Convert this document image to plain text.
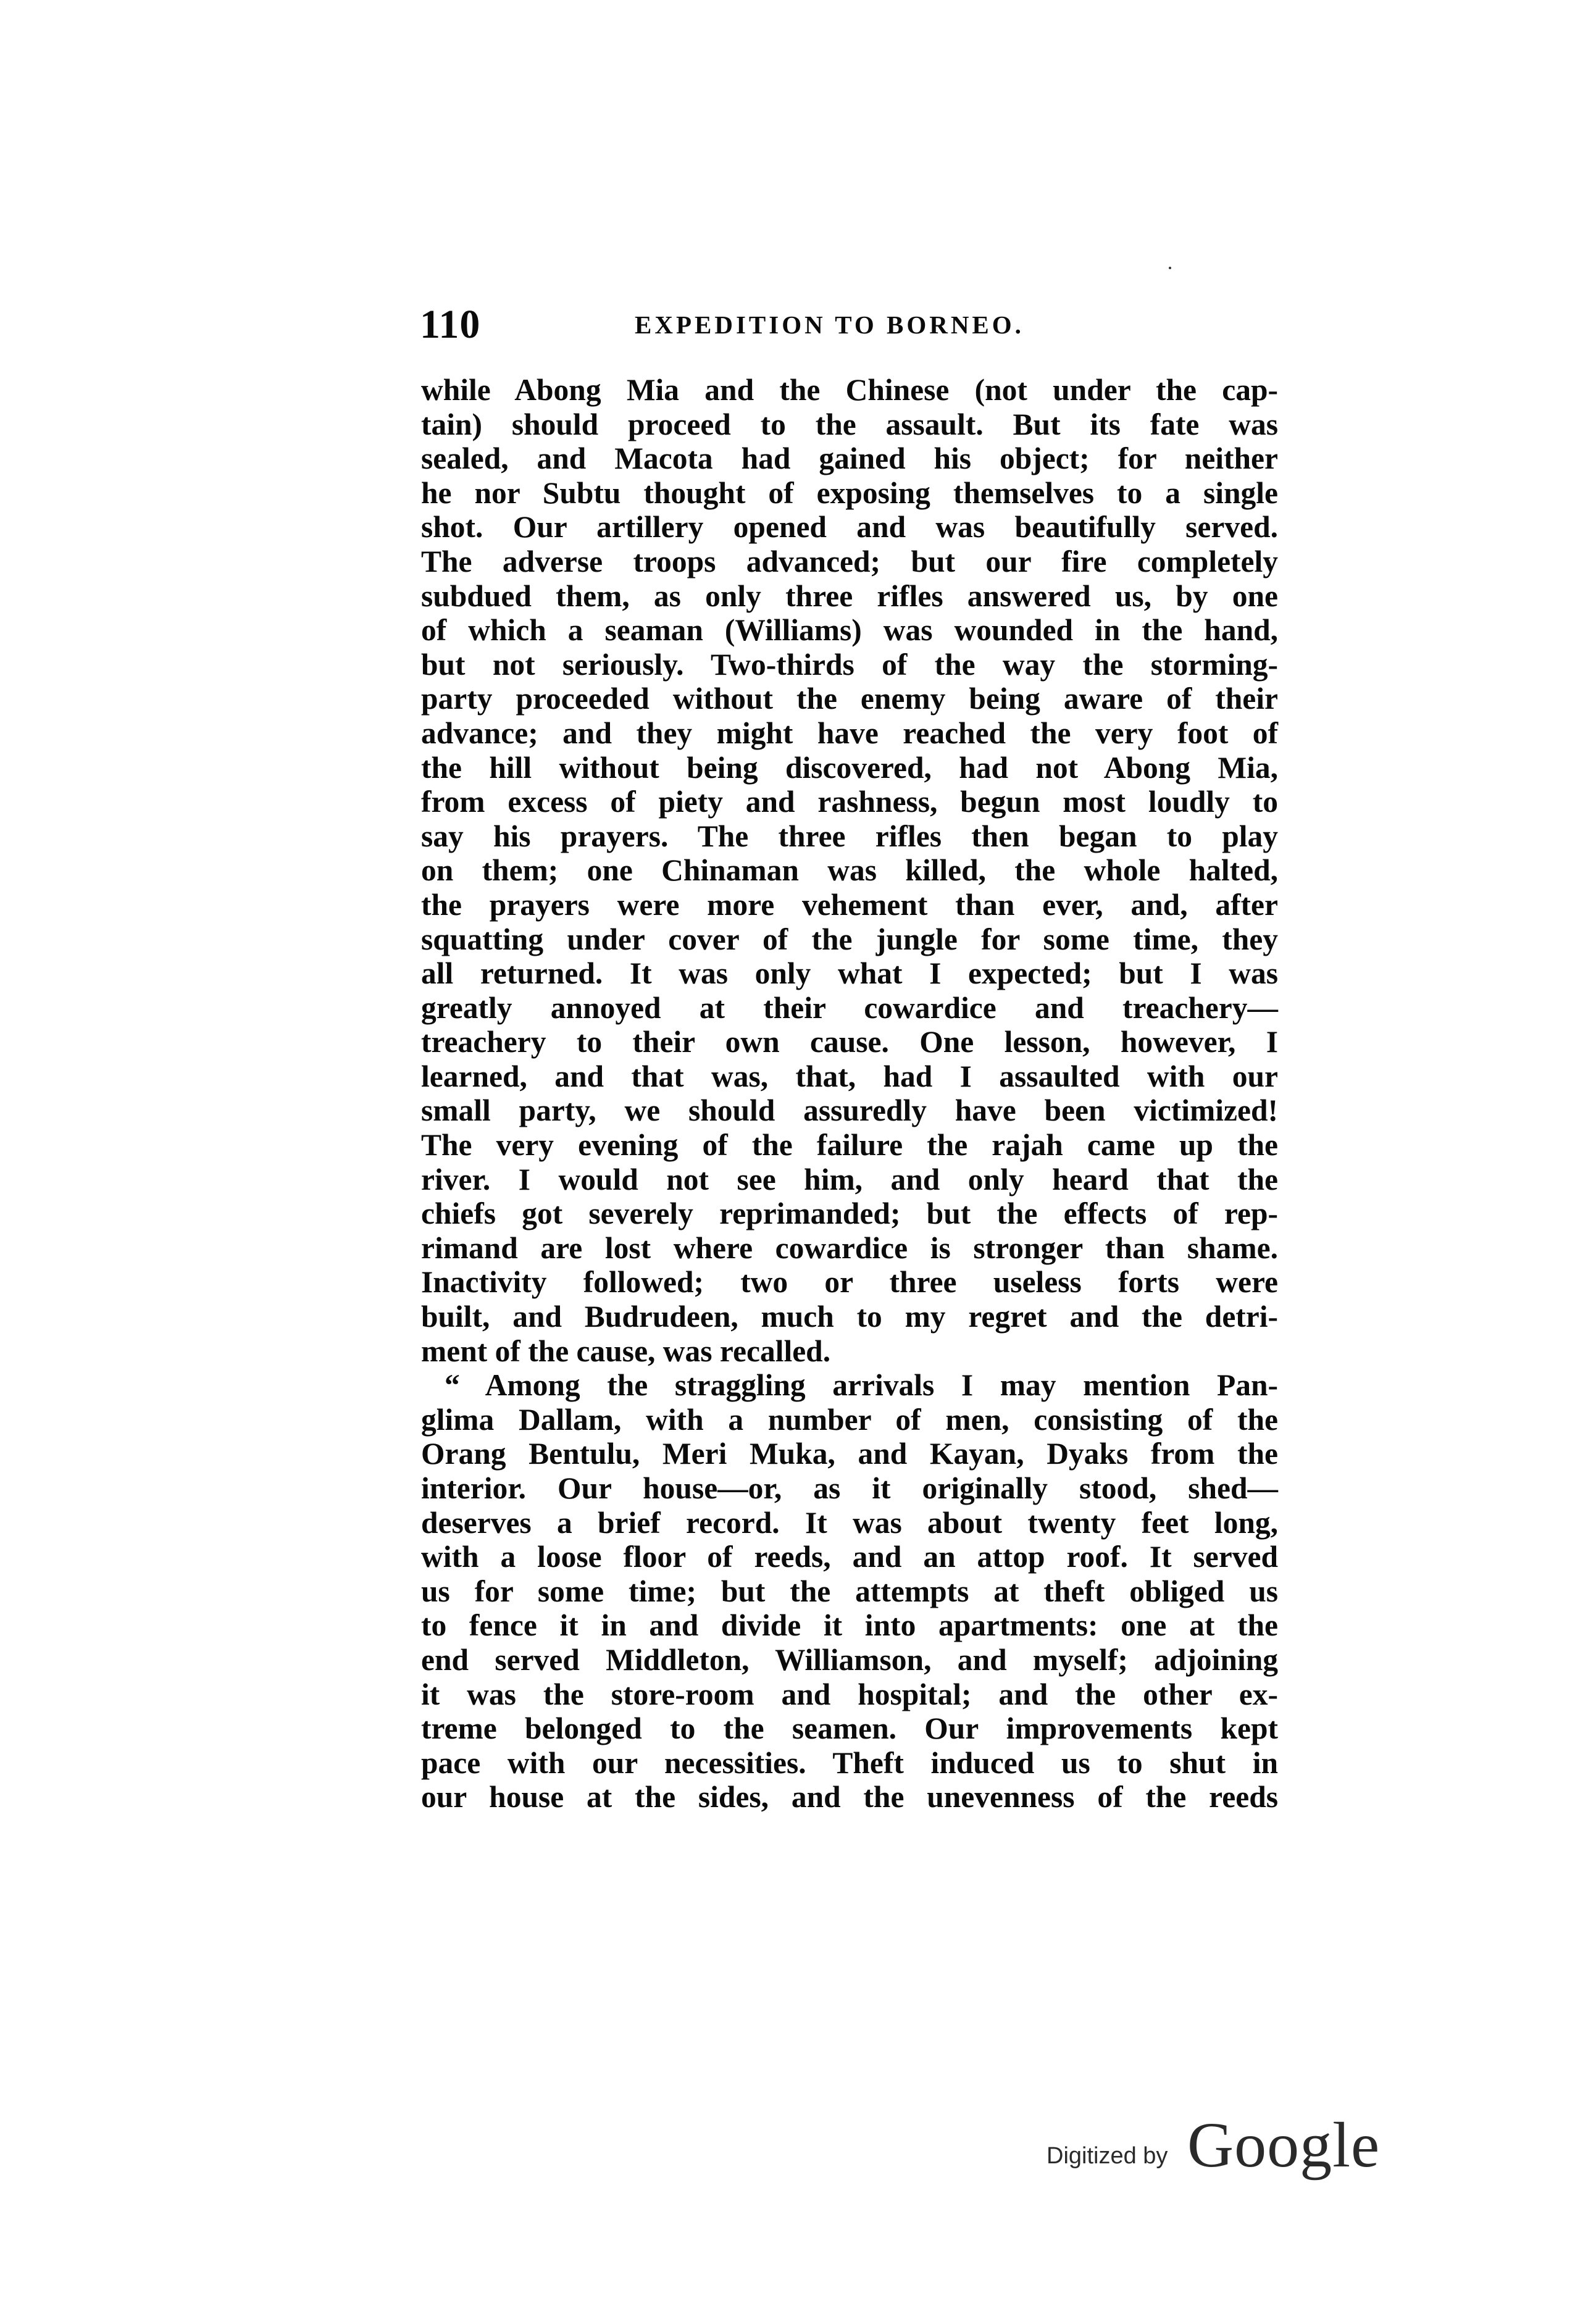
110	EXPEDITION TO BORNEO.
while Abong Mia and the Chinese (not under the cap-
tain) should proceed to the assault. But its fate was
sealed, and Macota had gained his object; for neither
he nor Subtu thought of exposing themselves to a single
shot. Our artillery opened and was beautifully served.
The adverse troops advanced; but our fire completely
subdued them, as only three rifles answered us, by one
of which a seaman (Williams) was wounded in the hand,
but not seriously. Two-thirds of the way the storming-
party proceeded without the enemy being aware of their
advance; and they might have reached the very foot of
the hill without being discovered, had not Abong Mia,
from excess of piety and rashness, begun most loudly to
say his prayers. The three rifles then began to play
on them; one Chinaman was killed, the whole halted,
the prayers were more vehement than ever, and, after
squatting under cover of the jungle for some time, they
all returned. It was only what I expected; but I was
greatly annoyed at their cowardice and treachery—
treachery to their own cause. One lesson, however, I
learned, and that was, that, had I assaulted with our
small party, we should assuredly have been victimized!
The very evening of the failure the rajah came up the
river. I would not see him, and only heard that the
chiefs got severely reprimanded; but the effects of rep-
rimand are lost where cowardice is stronger than shame.
Inactivity followed; two or three useless forts were
built, and Budrudeen, much to my regret and the detri-
ment of the cause, was recalled.
“ Among the straggling arrivals I may mention Pan-
glima Dallam, with a number of men, consisting of the
Orang Bentulu, Meri Muka, and Kayan, Dyaks from the
interior. Our house—or, as it originally stood, shed—
deserves a brief record. It was about twenty feet long,
with a loose floor of reeds, and an attop roof. It served
us for some time; but the attempts at theft obliged us
to fence it in and divide it into apartments: one at the
end served Middleton, Williamson, and myself; adjoining
it was the store-room and hospital; and the other ex-
treme belonged to the seamen. Our improvements kept
pace with our necessities. Theft induced us to shut in
our house at the sides, and the unevenness of the reeds
Digitized by Google
